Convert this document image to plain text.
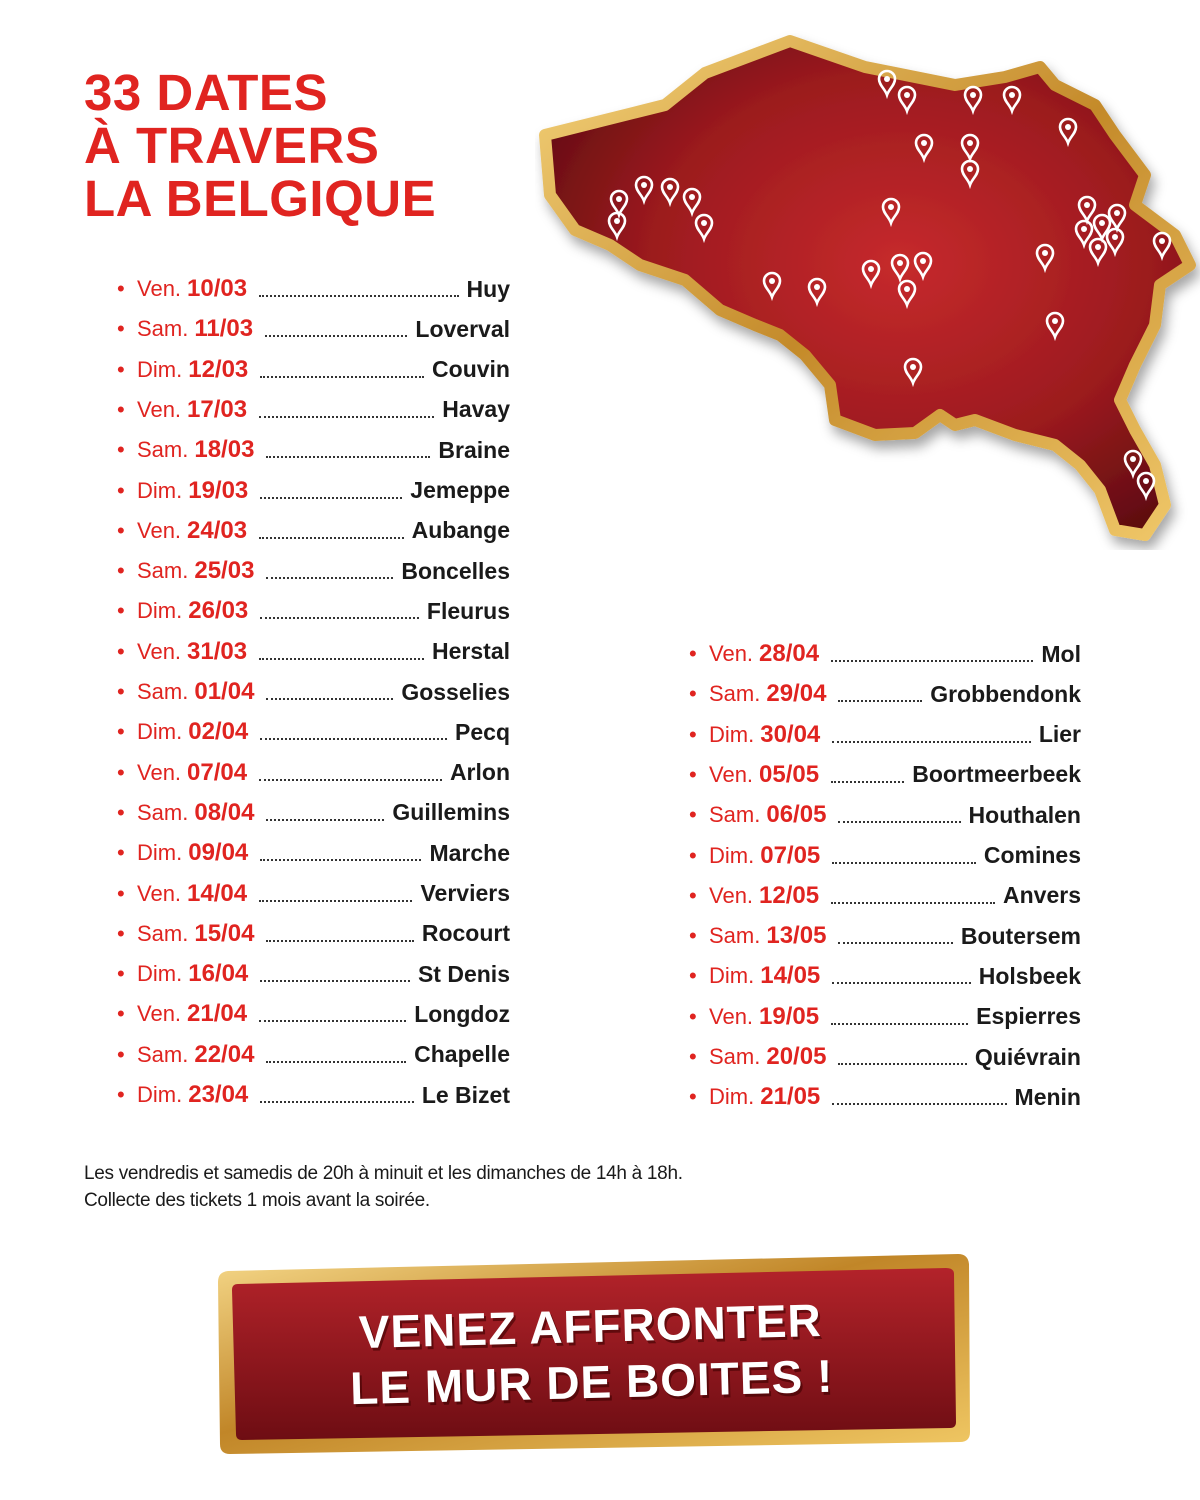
33 DATES
À TRAVERS
LA BELGIQUE
• Ven. 10/03	Huy
• Sam. 11/03	Loverval
• Dim. 12/03	Couvin
• Ven. 17/03	Havay
• Sam. 18/03	Braine
• Dim. 19/03	Jemeppe
• Ven. 24/03	Aubange
• Sam. 25/03	Boncelles
• Dim. 26/03	Fleurus
• Ven. 31/03	Herstal
• Sam. 01/04	Gosselies
• Dim. 02/04	Pecq
• Ven. 07/04	Arlon
• Sam. 08/04	Guillemins
• Dim. 09/04	Marche
• Ven. 14/04	Verviers
• Sam. 15/04	Rocourt
• Dim. 16/04	St Denis
• Ven. 21/04	Longdoz
• Sam. 22/04	Chapelle
• Dim. 23/04	Le Bizet
• Ven. 28/04	Mol
• Sam. 29/04	Grobbendonk
• Dim. 30/04	Lier
• Ven. 05/05	Boortmeerbeek
• Sam. 06/05	Houthalen
• Dim. 07/05	Comines
• Ven. 12/05	Anvers
• Sam. 13/05	Boutersem
• Dim. 14/05	Holsbeek
• Ven. 19/05	Espierres
• Sam. 20/05	Quiévrain
• Dim. 21/05	Menin
Les vendredis et samedis de 20h à minuit et les dimanches de 14h à 18h.
Collecte des tickets 1 mois avant la soirée.
VENEZ AFFRONTER
LE MUR DE BOITES !
